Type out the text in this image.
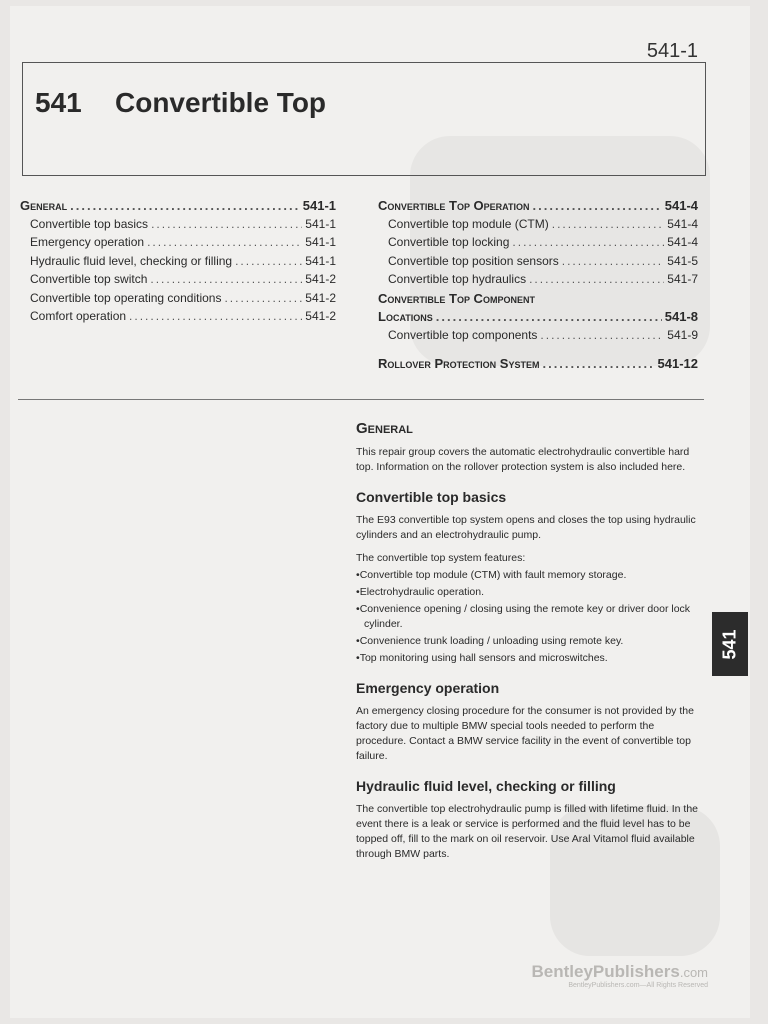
541-1
541 Convertible Top
General .....	541-1
Convertible top basics .....	541-1
Emergency operation .....	541-1
Hydraulic fluid level, checking or filling .....	541-1
Convertible top switch .....	541-2
Convertible top operating conditions .....	541-2
Comfort operation .....	541-2
Convertible Top Operation .....	541-4
Convertible top module (CTM) .....	541-4
Convertible top locking .....	541-4
Convertible top position sensors .....	541-5
Convertible top hydraulics .....	541-7
Convertible Top Component
Locations .....	541-8
Convertible top components .....	541-9
Rollover Protection System .....	541-12
General

This repair group covers the automatic electrohydraulic convertible hard top. Information on the rollover protection system is also included here.

Convertible top basics

The E93 convertible top system opens and closes the top using hydraulic cylinders and an electrohydraulic pump.

The convertible top system features:

• Convertible top module (CTM) with fault memory storage.
• Electrohydraulic operation.
• Convenience opening / closing using the remote key or driver door lock cylinder.
• Convenience trunk loading / unloading using remote key.
• Top monitoring using hall sensors and microswitches.
Emergency operation

An emergency closing procedure for the consumer is not provided by the factory due to multiple BMW special tools needed to perform the procedure. Contact a BMW service facility in the event of convertible top failure.

Hydraulic fluid level, checking or filling

The convertible top electrohydraulic pump is filled with lifetime fluid. In the event there is a leak or service is performed and the fluid level has to be topped off, fill to the mark on oil reservoir. Use Aral Vitamol fluid available through BMW parts.

541
BentleyPublishers.com
BentleyPublishers.com—All Rights Reserved
